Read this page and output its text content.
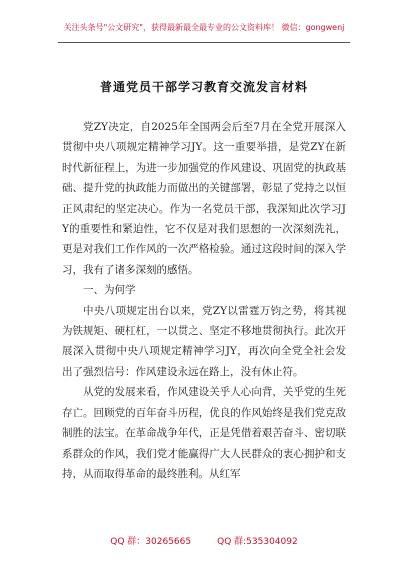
关注头条号"公文研究"，获得最新最全最专业的公文资料库！ 微信：gongwenj
普通党员干部学习教育交流发言材料

党ZY决定，自2025年全国两会后至7月在全党开展深入贯彻中央八项规定精神学习JY。这一重要举措，是党ZY在新时代新征程上，为进一步加强党的作风建设、巩固党的执政基础、提升党的执政能力而做出的关键部署，彰显了党持之以恒正风肃纪的坚定决心。作为一名党员干部，我深知此次学习JY的重要性和紧迫性，它不仅是对我们思想的一次深刻洗礼，更是对我们工作作风的一次严格检验。通过这段时间的深入学习，我有了诸多深刻的感悟。

一、为何学

中央八项规定出台以来，党ZY以雷霆万钧之势，将其视为铁规矩、硬杠杠，一以贯之、坚定不移地贯彻执行。此次开展深入贯彻中央八项规定精神学习JY，再次向全党全社会发出了强烈信号：作风建设永远在路上，没有休止符。

从党的发展来看，作风建设关乎人心向背，关乎党的生死存亡。回顾党的百年奋斗历程，优良的作风始终是我们党克敌制胜的法宝。在革命战争年代，正是凭借着艰苦奋斗、密切联系群众的作风，我们党才能赢得广大人民群众的衷心拥护和支持，从而取得革命的最终胜利。从红军

QQ 群：30265665	QQ 群:535304092
